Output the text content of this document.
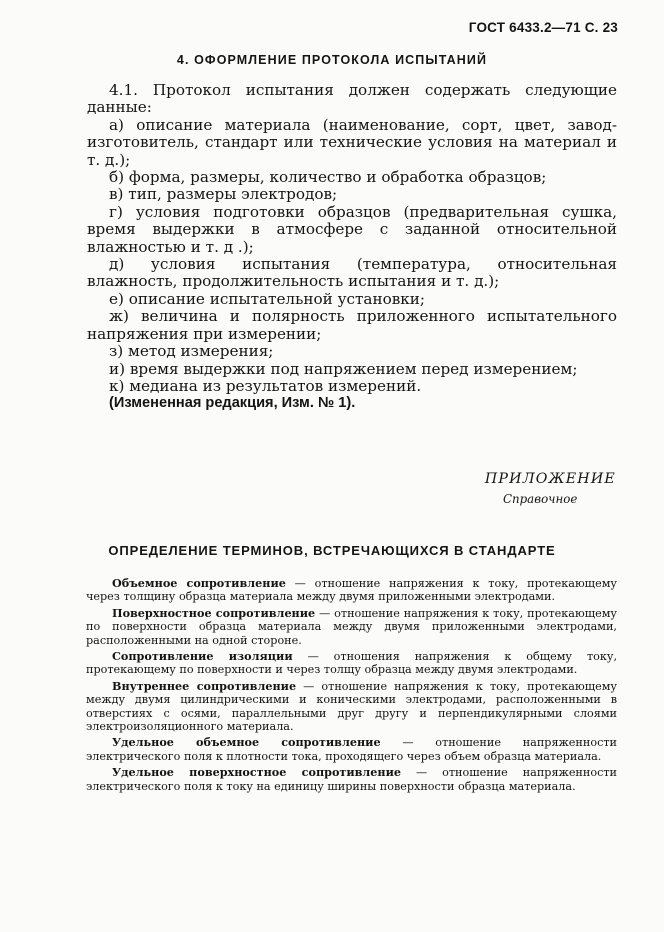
ГОСТ 6433.2—71 С. 23
4. ОФОРМЛЕНИЕ ПРОТОКОЛА ИСПЫТАНИЙ

4.1. Протокол испытания должен содержать следующие данные:

а) описание материала (наименование, сорт, цвет, завод-изготовитель, стандарт или технические условия на материал и т. д.);

б) форма, размеры, количество и обработка образцов;

в) тип, размеры электродов;

г) условия подготовки образцов (предварительная сушка, время выдержки в атмосфере с заданной относительной влажностью и т. д .);

д) условия испытания (температура, относительная влажность, продолжительность испытания и т. д.);

е) описание испытательной установки;

ж) величина и полярность приложенного испытательного напряжения при измерении;

з) метод измерения;

и) время выдержки под напряжением перед измерением;

к) медиана из результатов измерений.

(Измененная редакция, Изм. № 1).

ПРИЛОЖЕНИЕ
Справочное
ОПРЕДЕЛЕНИЕ ТЕРМИНОВ, ВСТРЕЧАЮЩИХСЯ В СТАНДАРТЕ

Объемное сопротивление — отношение напряжения к току, протекающему через толщину образца материала между двумя приложенными электродами.

Поверхностное сопротивление — отношение напряжения к току, протекающему по поверхности образца материала между двумя приложенными электродами, расположенными на одной стороне.

Сопротивление изоляции — отношения напряжения к общему току, протекающему по поверхности и через толщу образца между двумя электродами.

Внутреннее сопротивление — отношение напряжения к току, протекающему между двумя цилиндрическими и коническими электродами, расположенными в отверстиях с осями, параллельными друг другу и перпендикулярными слоями электроизоляционного материала.

Удельное объемное сопротивление — отношение напряженности электрического поля к плотности тока, проходящего через объем образца материала.

Удельное поверхностное сопротивление — отношение напряженности электрического поля к току на единицу ширины поверхности образца материала.
